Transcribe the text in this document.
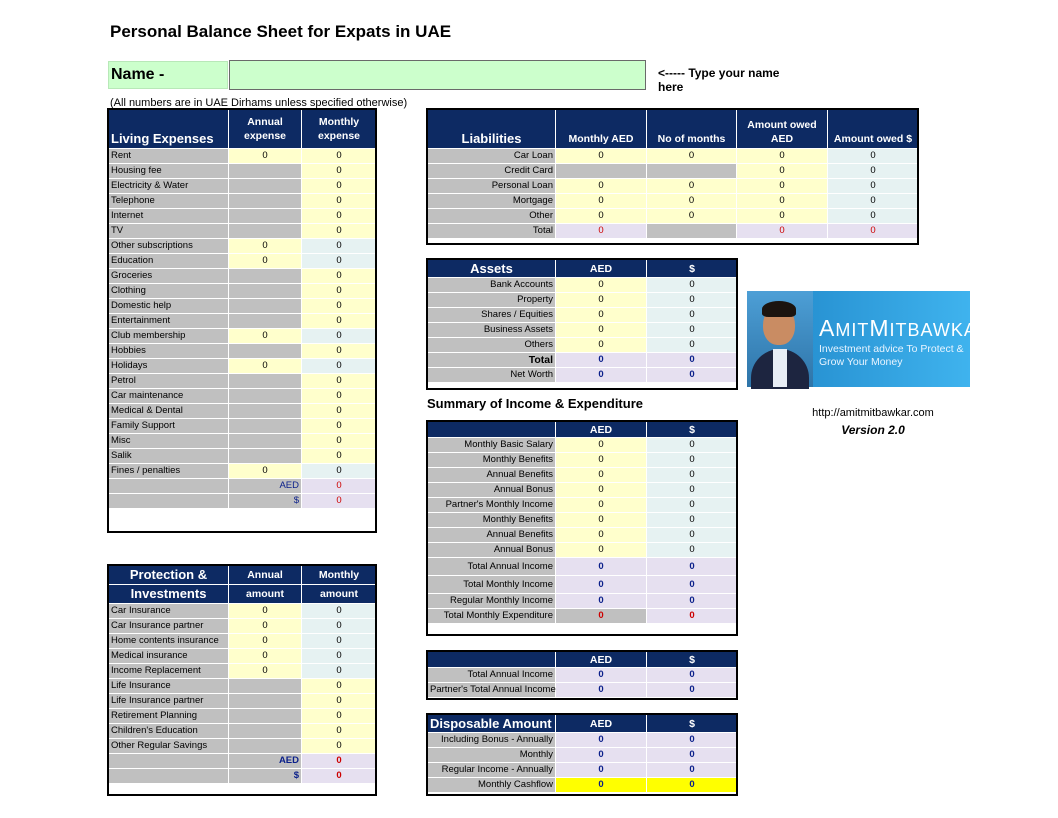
Personal Balance Sheet for Expats in UAE
Name -	<----- Type your name here
(All numbers are in UAE Dirhams unless specified otherwise)
Living Expenses	Annual expense	Monthly expense
Rent	0	0
Housing fee		0
Electricity & Water		0
Telephone		0
Internet		0
TV		0
Other subscriptions	0	0
Education	0	0
Groceries		0
Clothing		0
Domestic help		0
Entertainment		0
Club membership	0	0
Hobbies		0
Holidays	0	0
Petrol		0
Car maintenance		0
Medical & Dental		0
Family Support		0
Misc		0
Salik		0
Fines / penalties	0	0
	AED	0
	$	0
Protection &	Annual	Monthly
Investments	amount	amount
Car Insurance	0	0
Car Insurance partner	0	0
Home contents insurance	0	0
Medical insurance	0	0
Income Replacement	0	0
Life Insurance		0
Life Insurance partner		0
Retirement Planning		0
Children's Education		0
Other Regular Savings		0
	AED	0
	$	0
Liabilities	Monthly AED	No of months	Amount owed AED	Amount owed $
Car Loan	0	0	0	0
Credit Card			0	0
Personal Loan	0	0	0	0
Mortgage	0	0	0	0
Other	0	0	0	0
Total	0		0	0
Assets	AED	$
Bank Accounts	0	0
Property	0	0
Shares / Equities	0	0
Business Assets	0	0
Others	0	0
Total	0	0
Net Worth	0	0
Summary of Income & Expenditure
	AED	$
Monthly Basic Salary	0	0
Monthly Benefits	0	0
Annual Benefits	0	0
Annual Bonus	0	0
Partner's Monthly Income	0	0
Monthly Benefits	0	0
Annual Benefits	0	0
Annual Bonus	0	0
Total Annual Income	0	0
Total Monthly Income	0	0
Regular Monthly Income	0	0
Total Monthly Expenditure	0	0
	AED	$
Total Annual Income	0	0
Partner's Total Annual Income	0	0
Disposable Amount	AED	$
Including Bonus - Annually	0	0
Monthly	0	0
Regular Income - Annually	0	0
Monthly Cashflow	0	0
AMITMITBAWKAR
Investment advice To Protect &
Grow Your Money
http://amitmitbawkar.com
Version 2.0
